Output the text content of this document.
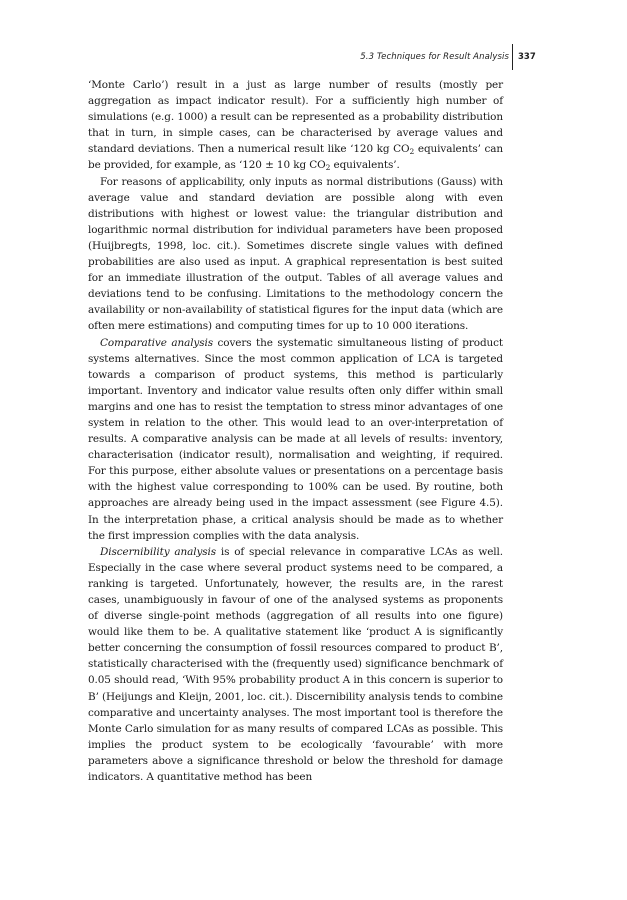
5.3 Techniques for Result Analysis 337

‘Monte Carlo’) result in a just as large number of results (mostly per aggregation as impact indicator result). For a sufficiently high number of simulations (e.g. 1000) a result can be represented as a probability distribution that in turn, in simple cases, can be characterised by average values and standard deviations. Then a numerical result like ‘120 kg $CO_2$ equivalents’ can be provided, for example, as ‘120 ± 10 kg $CO_2$ equivalents’.

For reasons of applicability, only inputs as normal distributions (Gauss) with average value and standard deviation are possible along with even distributions with highest or lowest value: the triangular distribution and logarithmic normal distribution for individual parameters have been proposed (Huijbregts, 1998, loc. cit.). Sometimes discrete single values with defined probabilities are also used as input. A graphical representation is best suited for an immediate illustration of the output. Tables of all average values and deviations tend to be confusing. Limitations to the methodology concern the availability or non-availability of statistical figures for the input data (which are often mere estimations) and computing times for up to 10 000 iterations.

Comparative analysis covers the systematic simultaneous listing of product systems alternatives. Since the most common application of LCA is targeted towards a comparison of product systems, this method is particularly important. Inventory and indicator value results often only differ within small margins and one has to resist the temptation to stress minor advantages of one system in relation to the other. This would lead to an over-interpretation of results. A comparative analysis can be made at all levels of results: inventory, characterisation (indicator result), normalisation and weighting, if required. For this purpose, either absolute values or presentations on a percentage basis with the highest value corresponding to 100% can be used. By routine, both approaches are already being used in the impact assessment (see Figure 4.5). In the interpretation phase, a critical analysis should be made as to whether the first impression complies with the data analysis.

Discernibility analysis is of special relevance in comparative LCAs as well. Especially in the case where several product systems need to be compared, a ranking is targeted. Unfortunately, however, the results are, in the rarest cases, unambiguously in favour of one of the analysed systems as proponents of diverse single-point methods (aggregation of all results into one figure) would like them to be. A qualitative statement like ‘product A is significantly better concerning the consumption of fossil resources compared to product B’, statistically characterised with the (frequently used) significance benchmark of 0.05 should read, ‘With 95% probability product A in this concern is superior to B’ (Heijungs and Kleijn, 2001, loc. cit.). Discernibility analysis tends to combine comparative and uncertainty analyses. The most important tool is therefore the Monte Carlo simulation for as many results of compared LCAs as possible. This implies the product system to be ecologically ‘favourable’ with more parameters above a significance threshold or below the threshold for damage indicators. A quantitative method has been
